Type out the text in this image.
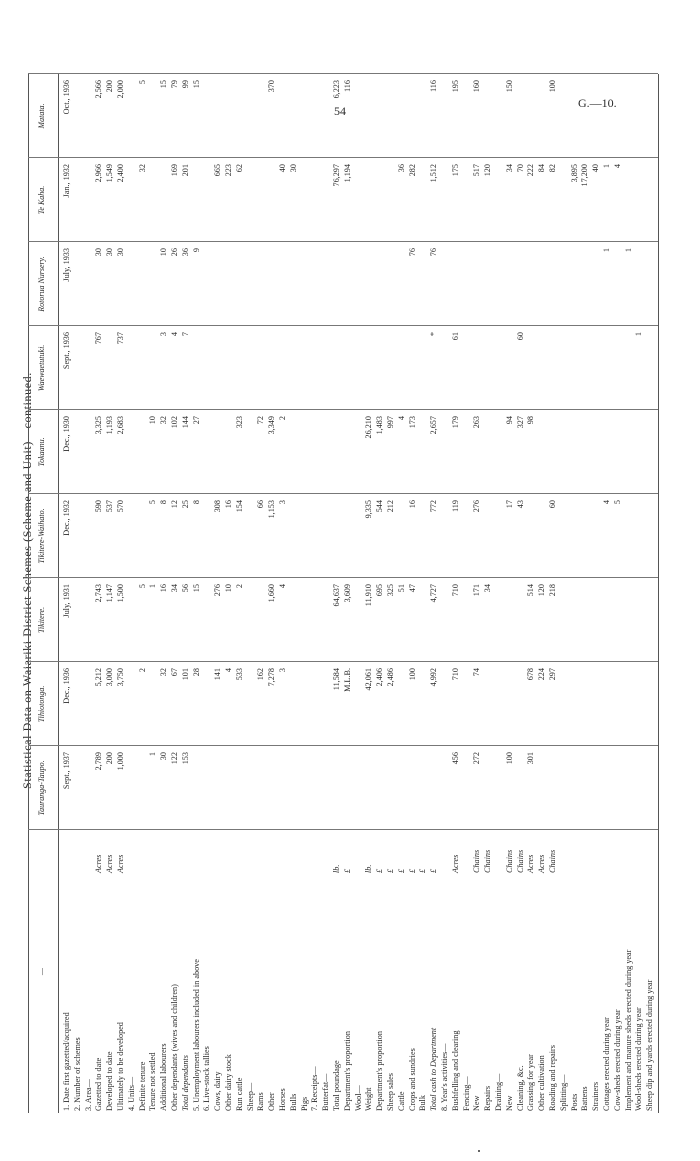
G.—10.
54
Statistical Data on Waiariki District Schemes (Scheme and Unit)—continued.
—
Tauranga-Taupo.
Tihiotonga.
Tikitere.
Tikitere-Waihato.
Tokaanu.
Waewaetutuki.
Rotorua Nursery.
Te Kaha.
Matata.
1. Date first gazetted/acquired
Sept., 1937
Dec., 1936
July, 1931
Dec., 1932
Dec., 1930
Sept., 1936
July, 1933
Jan., 1932
Oct., 1936
2. Number of schemes 3. Area— Gazetted to date
Acres
2,789
5,212
2,743
590
3,325
767
30
2,966
2,566
Developed to date
Acres
200
3,000
1,147
537
1,193
30
1,549
200
Ultimately to be developed
Acres
1,000
3,750
1,500
570
2,683
737
30
2,400
2,000
4. Units— Definite tenure
2
5
32
5
Tenure not settled
1
1
5
10
Additional labourers
30
32
16
8
32
3
10
15
Other dependants (wives and children)
122
67
34
12
102
4
26
169
79
Total dependants
153
101
56
25
144
7
36
201
99
5. Unemployment labourers included in above
28
15
8
27
9
15
6. Live-stock tallies Cows, dairy
141
276
308
665
Other dairy stock
4
10
16
223
Run cattle
533
2
154
323
62
Sheep— Rams
162
66
72
Other
7,278
1,660
1,153
3,349
370
Horses
3
4
3
2
40
Bulls
30
Pigs 7. Receipts— Butterfat— Total poundage
lb.
11,584
64,637
76,297
6,223
Department's proportion
£
M.L.B.
3,609
1,194
116
Wool— Weight
lb.
42,061
11,910
9,335
26,210
Department's proportion
£
2,406
695
544
1,483
Sheep sales
£
2,486
325
212
997
Cattle
£
51
4
36
Crops and sundries
£
100
47
16
173
76
282
Bulk
£
Total cash to Department
£
4,992
4,727
772
2,657
*
76
1,512
116
8. Year's activities— Bushfelling and clearing
Acres
456
710
710
119
179
61
175
195
Fencing— New
Chains
272
74
171
276
263
517
160
Repairs
Chains
34
120
Draining— New
Chains
100
17
94
34
150
Cleaning, &c.
Chains
43
327
60
70
Grassing for year
Acres
301
678
514
98
222
Other cultivation
Acres
224
120
84
Roading and repairs
Chains
297
218
60
82
100
Splitting— Posts
3,895
Battens
17,200
Strainers
40
Cottages erected during year
4
1
1
Cow-sheds erected during year
5
4
Implement and manure sheds erected during year
1
Wool-sheds erected during year
1
Sheep dip and yards erected during year
